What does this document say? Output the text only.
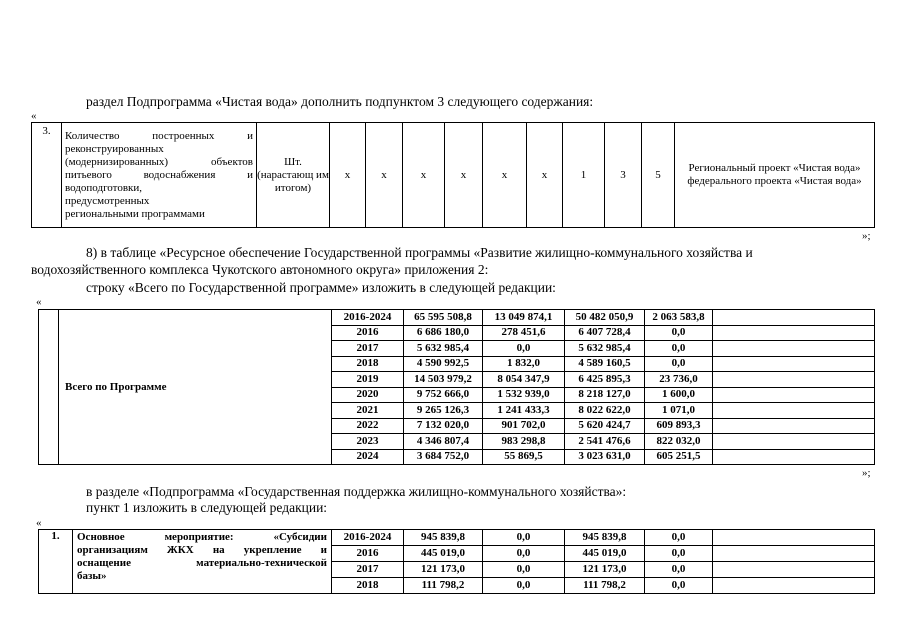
раздел Подпрограмма «Чистая вода» дополнить подпунктом 3 следующего содержания:
«
3.	Количество построенных и
реконструированных
(модернизированных) объектов
питьевого водоснабжения и
водоподготовки,
предусмотренных
региональными программами
	Шт. (нарастающ им итогом)	x	x	x	x	x	x	1	3	5	Региональный проект «Чистая вода» федерального проекта «Чистая вода»
»;
8) в таблице «Ресурсное обеспечение Государственной программы «Развитие жилищно-коммунального хозяйства и
водохозяйственного комплекса Чукотского автономного округа» приложения 2:
строку «Всего по Государственной программе» изложить в следующей редакции:
«
	Всего по Программе	2016-2024	65 595 508,8	13 049 874,1	50 482 050,9	2 063 583,8	
		2016	6 686 180,0	278 451,6	6 407 728,4	0,0	
		2017	5 632 985,4	0,0	5 632 985,4	0,0	
		2018	4 590 992,5	1 832,0	4 589 160,5	0,0	
		2019	14 503 979,2	8 054 347,9	6 425 895,3	23 736,0	
		2020	9 752 666,0	1 532 939,0	8 218 127,0	1 600,0	
		2021	9 265 126,3	1 241 433,3	8 022 622,0	1 071,0	
		2022	7 132 020,0	901 702,0	5 620 424,7	609 893,3	
		2023	4 346 807,4	983 298,8	2 541 476,6	822 032,0	
		2024	3 684 752,0	55 869,5	3 023 631,0	605 251,5	
»;
в разделе «Подпрограмма «Государственная поддержка жилищно-коммунального хозяйства»:
пункт 1 изложить в следующей редакции:
«
1.	Основное мероприятие: «Субсидии
организациям ЖКХ на укрепление и
оснащение материально-технической
базы»	2016-2024	945 839,8	0,0	945 839,8	0,0	
		2016	445 019,0	0,0	445 019,0	0,0	
		2017	121 173,0	0,0	121 173,0	0,0	
		2018	111 798,2	0,0	111 798,2	0,0	
